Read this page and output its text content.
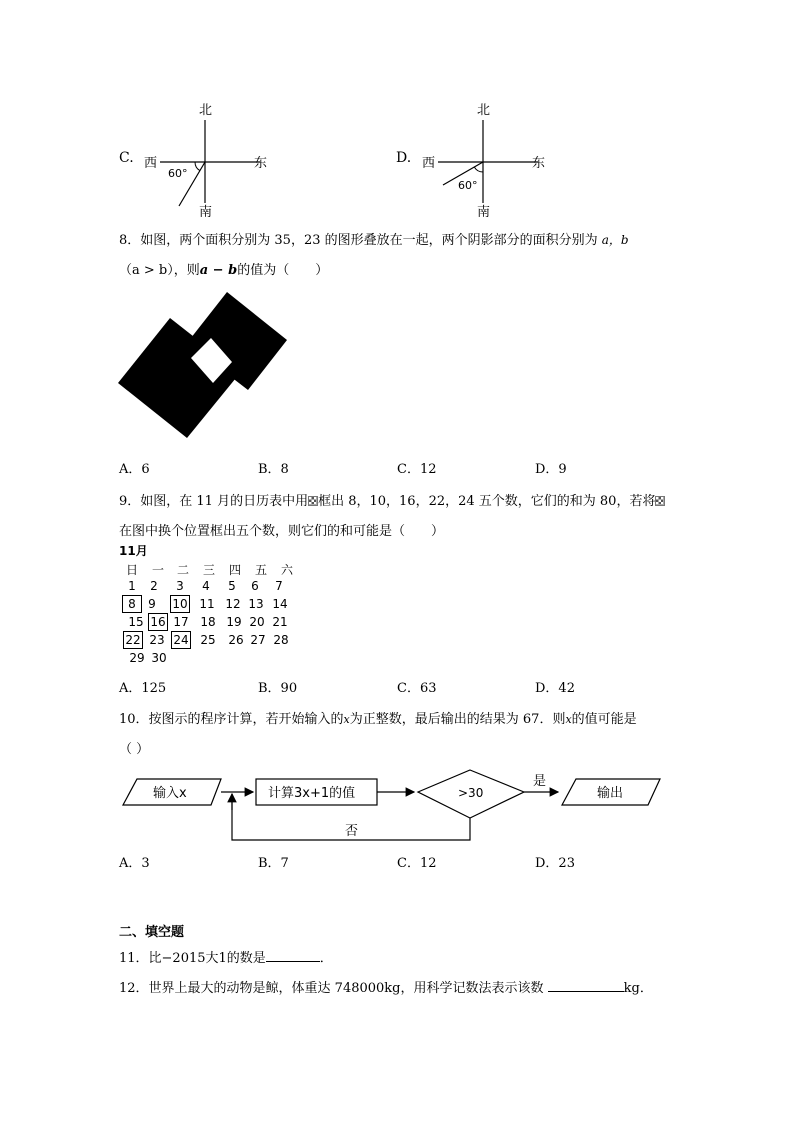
C.
北
南
西	东
60°
D.
北
南
西	东
60°
8．如图，两个面积分别为 35，23 的图形叠放在一起，两个阴影部分的面积分别为 a，b
（a > b），则a − b的值为（　　）
A．6	B．8	C．12	D．9
9．如图，在 11 月的日历表中用 框出 8，10，16，22，24 五个数，它们的和为 80，若将
在图中换个位置框出五个数，则它们的和可能是（　　）
11月
日	一	二	三	四	五	六
1	2	3	4	5	6	7
8	9	10 11 12 13 14
15 16 17 18 19 20 21
22 23 24 25 26 27 28
29 30
A．125	B．90	C．63	D．42
10．按图示的程序计算，若开始输入的x为正整数，最后输出的结果为 67．则x的值可能是
（ ）
输入x	计算3x+1的值	>30
是
输出
否
A．3	B．7	C．12	D．23
二、填空题
11．比−2015大1的数是	．
12．世界上最大的动物是鲸，体重达 748000kg，用科学记数法表示该数	kg．
